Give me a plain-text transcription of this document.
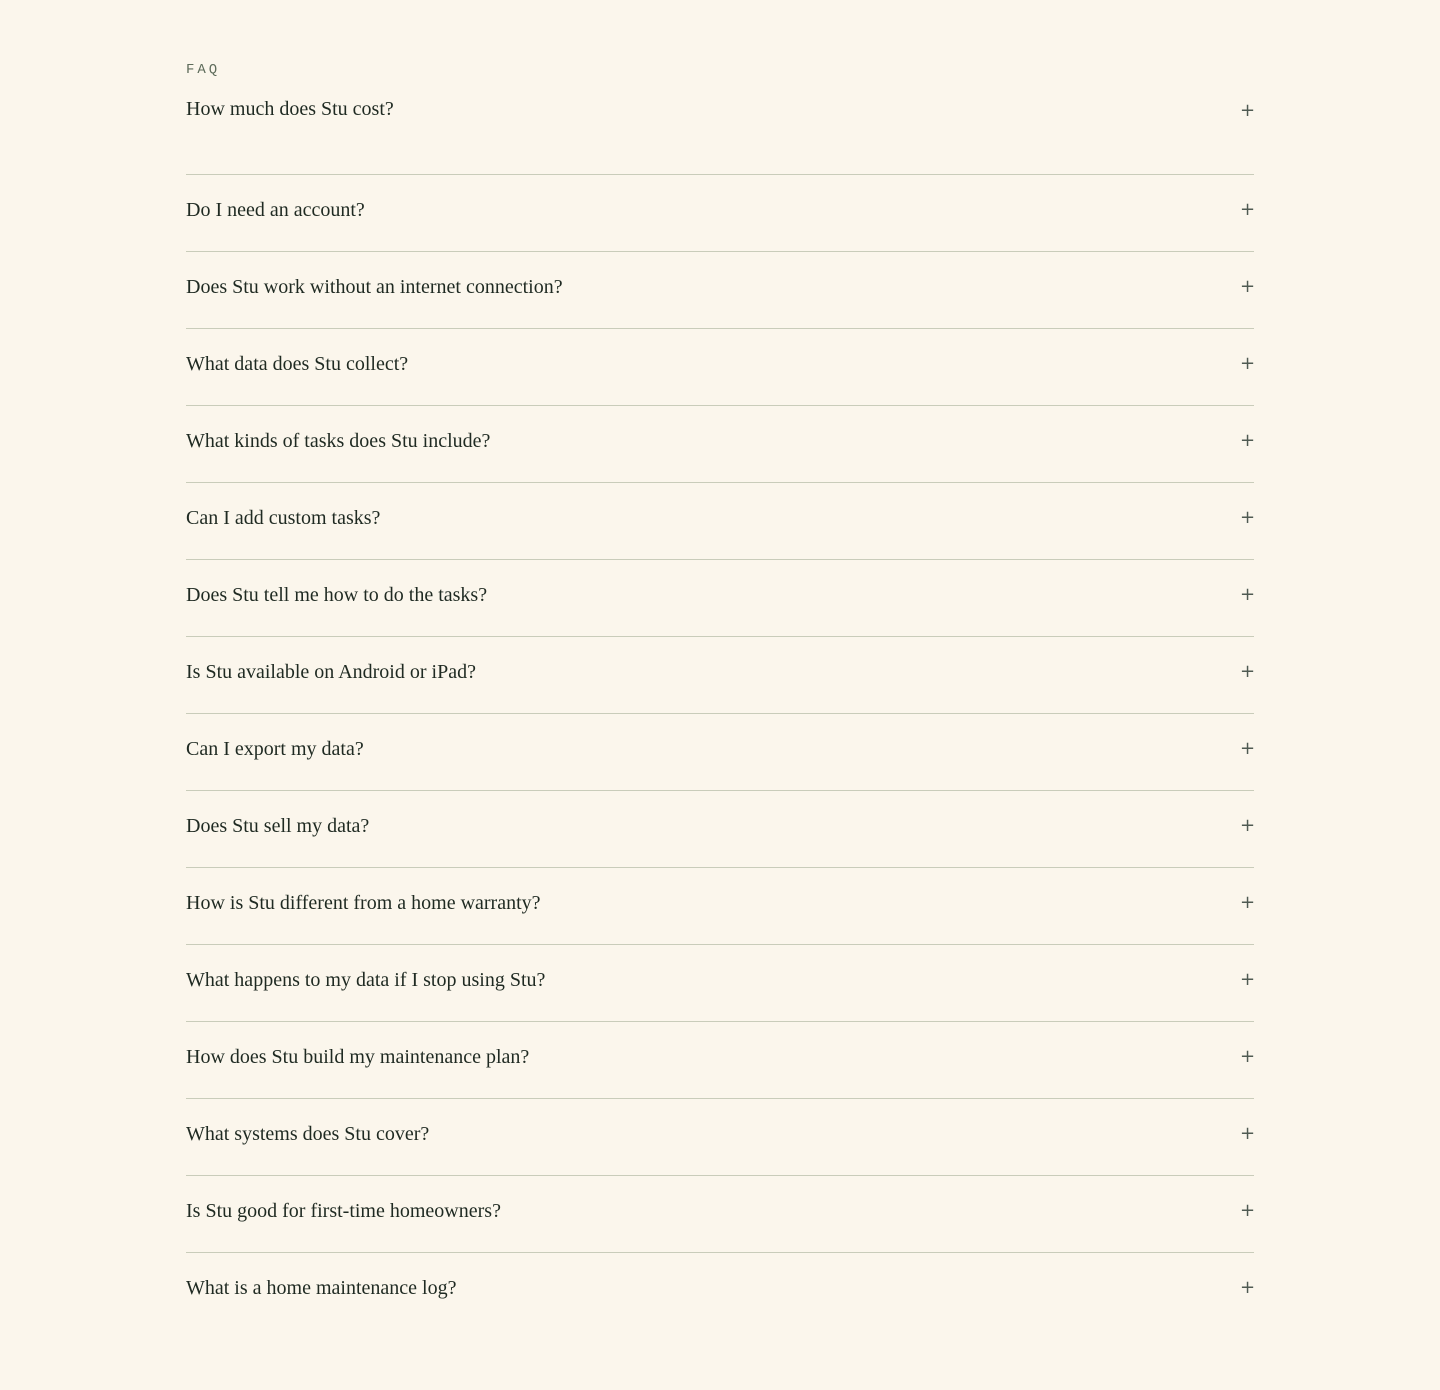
FAQ

How much does Stu cost?	+
Do I need an account?	+
Does Stu work without an internet connection?	+
What data does Stu collect?	+
What kinds of tasks does Stu include?	+
Can I add custom tasks?	+
Does Stu tell me how to do the tasks?	+
Is Stu available on Android or iPad?	+
Can I export my data?	+
Does Stu sell my data?	+
How is Stu different from a home warranty?	+
What happens to my data if I stop using Stu?	+
How does Stu build my maintenance plan?	+
What systems does Stu cover?	+
Is Stu good for first-time homeowners?	+
What is a home maintenance log?	+
